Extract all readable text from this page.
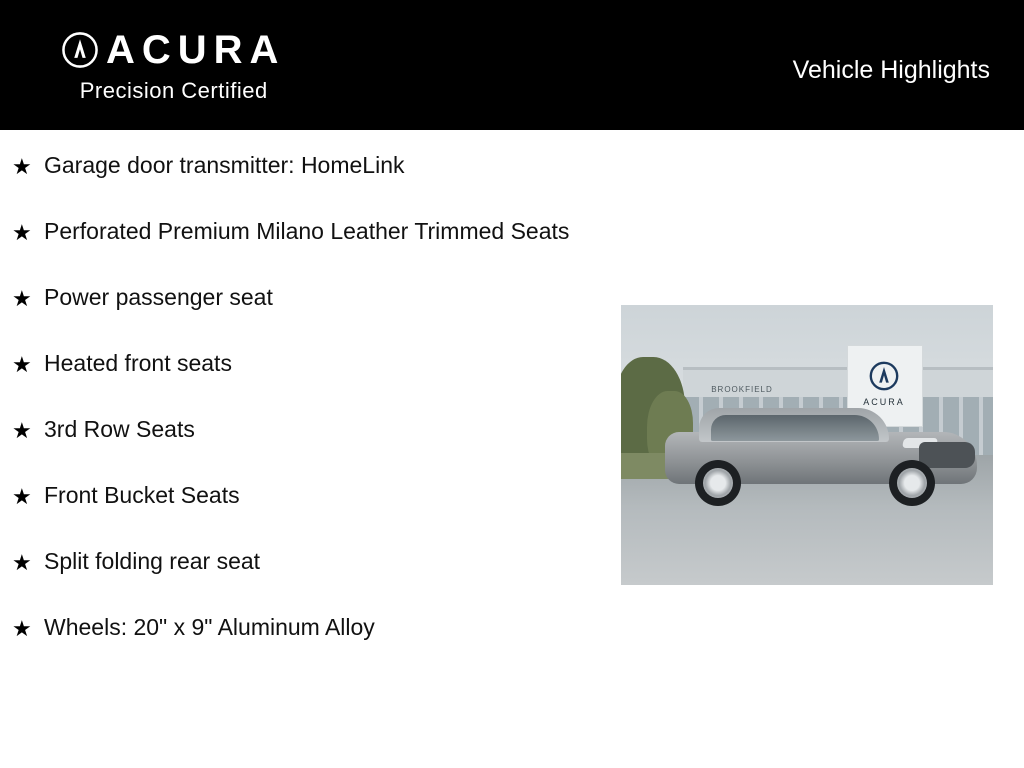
ACURA
Precision Certified
Vehicle Highlights
★ Garage door transmitter: HomeLink
★ Perforated Premium Milano Leather Trimmed Seats
★ Power passenger seat
★ Heated front seats
★ 3rd Row Seats
★ Front Bucket Seats
★ Split folding rear seat
★ Wheels: 20" x 9" Aluminum Alloy
ACURA
BROOKFIELD
